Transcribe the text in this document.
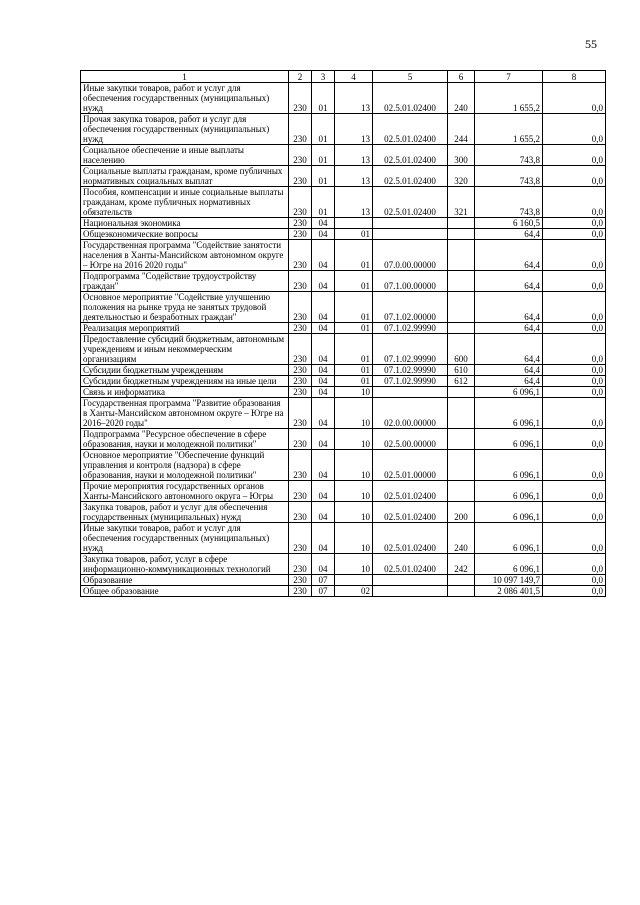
55
1	2	3	4	5	6	7	8
Иные закупки товаров, работ и услуг для обеспечения государственных (муниципальных) нужд	230	01	13	02.5.01.02400	240	1 655,2	0,0
Прочая закупка товаров, работ и услуг для обеспечения государственных (муниципальных) нужд	230	01	13	02.5.01.02400	244	1 655,2	0,0
Социальное обеспечение и иные выплаты населению	230	01	13	02.5.01.02400	300	743,8	0,0
Социальные выплаты гражданам, кроме публичных нормативных социальных выплат	230	01	13	02.5.01.02400	320	743,8	0,0
Пособия, компенсации и иные социальные выплаты гражданам, кроме публичных нормативных обязательств	230	01	13	02.5.01.02400	321	743,8	0,0
Национальная экономика	230	04				6 160,5	0,0
Общеэкономические вопросы	230	04	01			64,4	0,0
Государственная программа "Содействие занятости населения в Ханты-Мансийском автономном округе – Югре на 2016 2020 годы"	230	04	01	07.0.00.00000		64,4	0,0
Подпрограмма "Содействие трудоустройству граждан"	230	04	01	07.1.00.00000		64,4	0,0
Основное мероприятие "Содействие улучшению положения на рынке труда не занятых трудовой деятельностью и безработных граждан"	230	04	01	07.1.02.00000		64,4	0,0
Реализация мероприятий	230	04	01	07.1.02.99990		64,4	0,0
Предоставление субсидий бюджетным, автономным учреждениям и иным некоммерческим организациям	230	04	01	07.1.02.99990	600	64,4	0,0
Субсидии бюджетным учреждениям	230	04	01	07.1.02.99990	610	64,4	0,0
Субсидии бюджетным учреждениям на иные цели	230	04	01	07.1.02.99990	612	64,4	0,0
Связь и информатика	230	04	10			6 096,1	0,0
Государственная программа "Развитие образования в Ханты-Мансийском автономном округе – Югре на 2016–2020 годы"	230	04	10	02.0.00.00000		6 096,1	0,0
Подпрограмма "Ресурсное обеспечение в сфере образования, науки и молодежной политики"	230	04	10	02.5.00.00000		6 096,1	0,0
Основное мероприятие "Обеспечение функций управления и контроля (надзора) в сфере образования, науки и молодежной политики"	230	04	10	02.5.01.00000		6 096,1	0,0
Прочие мероприятия государственных органов Ханты-Мансийского автономного округа – Югры	230	04	10	02.5.01.02400		6 096,1	0,0
Закупка товаров, работ и услуг для обеспечения государственных (муниципальных) нужд	230	04	10	02.5.01.02400	200	6 096,1	0,0
Иные закупки товаров, работ и услуг для обеспечения государственных (муниципальных) нужд	230	04	10	02.5.01.02400	240	6 096,1	0,0
Закупка товаров, работ, услуг в сфере информационно-коммуникационных технологий	230	04	10	02.5.01.02400	242	6 096,1	0,0
Образование	230	07				10 097 149,7	0,0
Общее образование	230	07	02			2 086 401,5	0,0
